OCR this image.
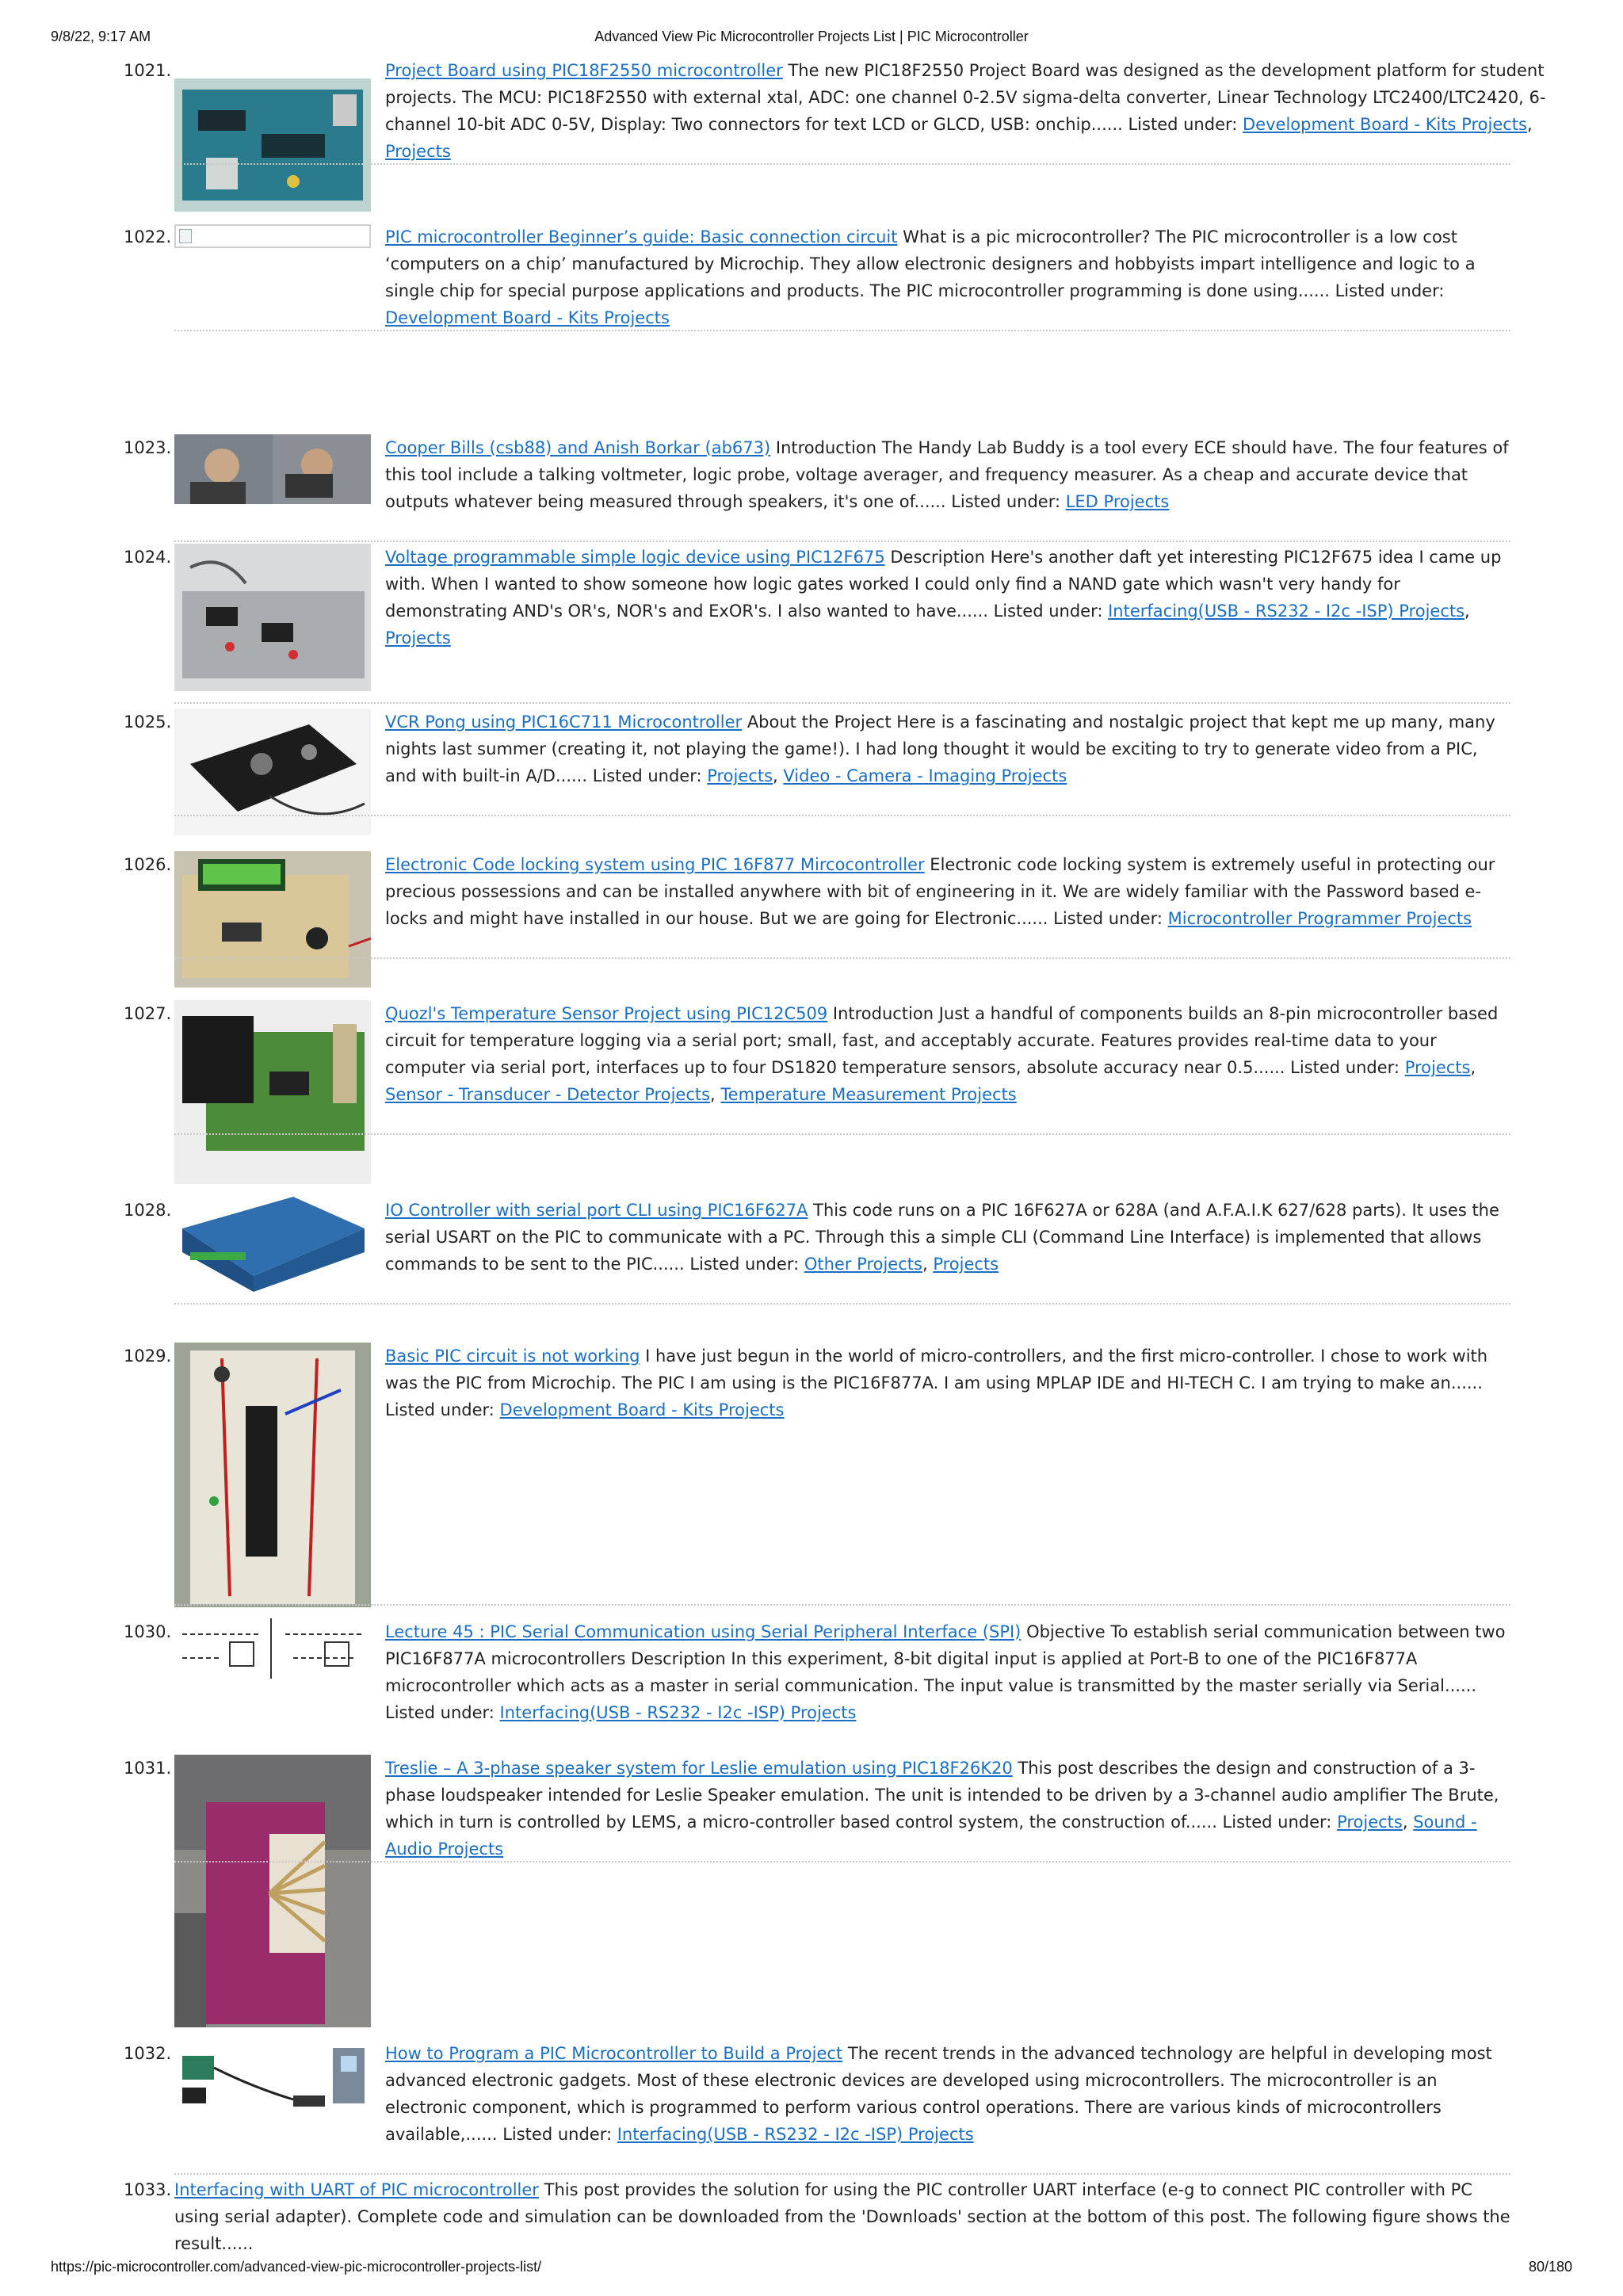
9/8/22, 9:17 AM	Advanced View Pic Microcontroller Projects List | PIC Microcontroller
1021.	Project Board using PIC18F2550 microcontroller The new PIC18F2550 Project Board was designed as the development platform for student projects. The MCU: PIC18F2550 with external xtal, ADC: one channel 0-2.5V sigma-delta converter, Linear Technology LTC2400/LTC2420, 6-channel 10-bit ADC 0-5V, Display: Two connectors for text LCD or GLCD, USB: onchip...... Listed under: Development Board - Kits Projects, Projects
1022.	PIC microcontroller Beginner’s guide: Basic connection circuit What is a pic microcontroller? The PIC microcontroller is a low cost ‘computers on a chip’ manufactured by Microchip. They allow electronic designers and hobbyists impart intelligence and logic to a single chip for special purpose applications and products. The PIC microcontroller programming is done using...... Listed under: Development Board - Kits Projects
1023.	Cooper Bills (csb88) and Anish Borkar (ab673) Introduction The Handy Lab Buddy is a tool every ECE should have. The four features of this tool include a talking voltmeter, logic probe, voltage averager, and frequency measurer. As a cheap and accurate device that outputs whatever being measured through speakers, it's one of...... Listed under: LED Projects
1024.	Voltage programmable simple logic device using PIC12F675 Description Here's another daft yet interesting PIC12F675 idea I came up with. When I wanted to show someone how logic gates worked I could only find a NAND gate which wasn't very handy for demonstrating AND's OR's, NOR's and ExOR's. I also wanted to have...... Listed under: Interfacing(USB - RS232 - I2c -ISP) Projects, Projects
1025.	VCR Pong using PIC16C711 Microcontroller About the Project Here is a fascinating and nostalgic project that kept me up many, many nights last summer (creating it, not playing the game!). I had long thought it would be exciting to try to generate video from a PIC, and with built-in A/D...... Listed under: Projects, Video - Camera - Imaging Projects
1026.	Electronic Code locking system using PIC 16F877 Mircocontroller Electronic code locking system is extremely useful in protecting our precious possessions and can be installed anywhere with bit of engineering in it. We are widely familiar with the Password based e-locks and might have installed in our house. But we are going for Electronic...... Listed under: Microcontroller Programmer Projects
1027.	Quozl's Temperature Sensor Project using PIC12C509 Introduction Just a handful of components builds an 8-pin microcontroller based circuit for temperature logging via a serial port; small, fast, and acceptably accurate. Features provides real-time data to your computer via serial port, interfaces up to four DS1820 temperature sensors, absolute accuracy near 0.5...... Listed under: Projects, Sensor - Transducer - Detector Projects, Temperature Measurement Projects
1028.	IO Controller with serial port CLI using PIC16F627A This code runs on a PIC 16F627A or 628A (and A.F.A.I.K 627/628 parts). It uses the serial USART on the PIC to communicate with a PC. Through this a simple CLI (Command Line Interface) is implemented that allows commands to be sent to the PIC...... Listed under: Other Projects, Projects
1029.	Basic PIC circuit is not working I have just begun in the world of micro-controllers, and the first micro-controller. I chose to work with was the PIC from Microchip. The PIC I am using is the PIC16F877A. I am using MPLAP IDE and HI-TECH C. I am trying to make an...... Listed under: Development Board - Kits Projects
1030.	Lecture 45 : PIC Serial Communication using Serial Peripheral Interface (SPI) Objective To establish serial communication between two PIC16F877A microcontrollers Description In this experiment, 8-bit digital input is applied at Port-B to one of the PIC16F877A microcontroller which acts as a master in serial communication. The input value is transmitted by the master serially via Serial...... Listed under: Interfacing(USB - RS232 - I2c -ISP) Projects
1031.	Treslie – A 3-phase speaker system for Leslie emulation using PIC18F26K20 This post describes the design and construction of a 3-phase loudspeaker intended for Leslie Speaker emulation. The unit is intended to be driven by a 3-channel audio amplifier The Brute, which in turn is controlled by LEMS, a micro-controller based control system, the construction of...... Listed under: Projects, Sound - Audio Projects
1032.	How to Program a PIC Microcontroller to Build a Project The recent trends in the advanced technology are helpful in developing most advanced electronic gadgets. Most of these electronic devices are developed using microcontrollers. The microcontroller is an electronic component, which is programmed to perform various control operations. There are various kinds of microcontrollers available,...... Listed under: Interfacing(USB - RS232 - I2c -ISP) Projects
1033. Interfacing with UART of PIC microcontroller This post provides the solution for using the PIC controller UART interface (e-g to connect PIC controller with PC using serial adapter). Complete code and simulation can be downloaded from the 'Downloads' section at the bottom of this post. The following figure shows the result......
https://pic-microcontroller.com/advanced-view-pic-microcontroller-projects-list/	80/180
